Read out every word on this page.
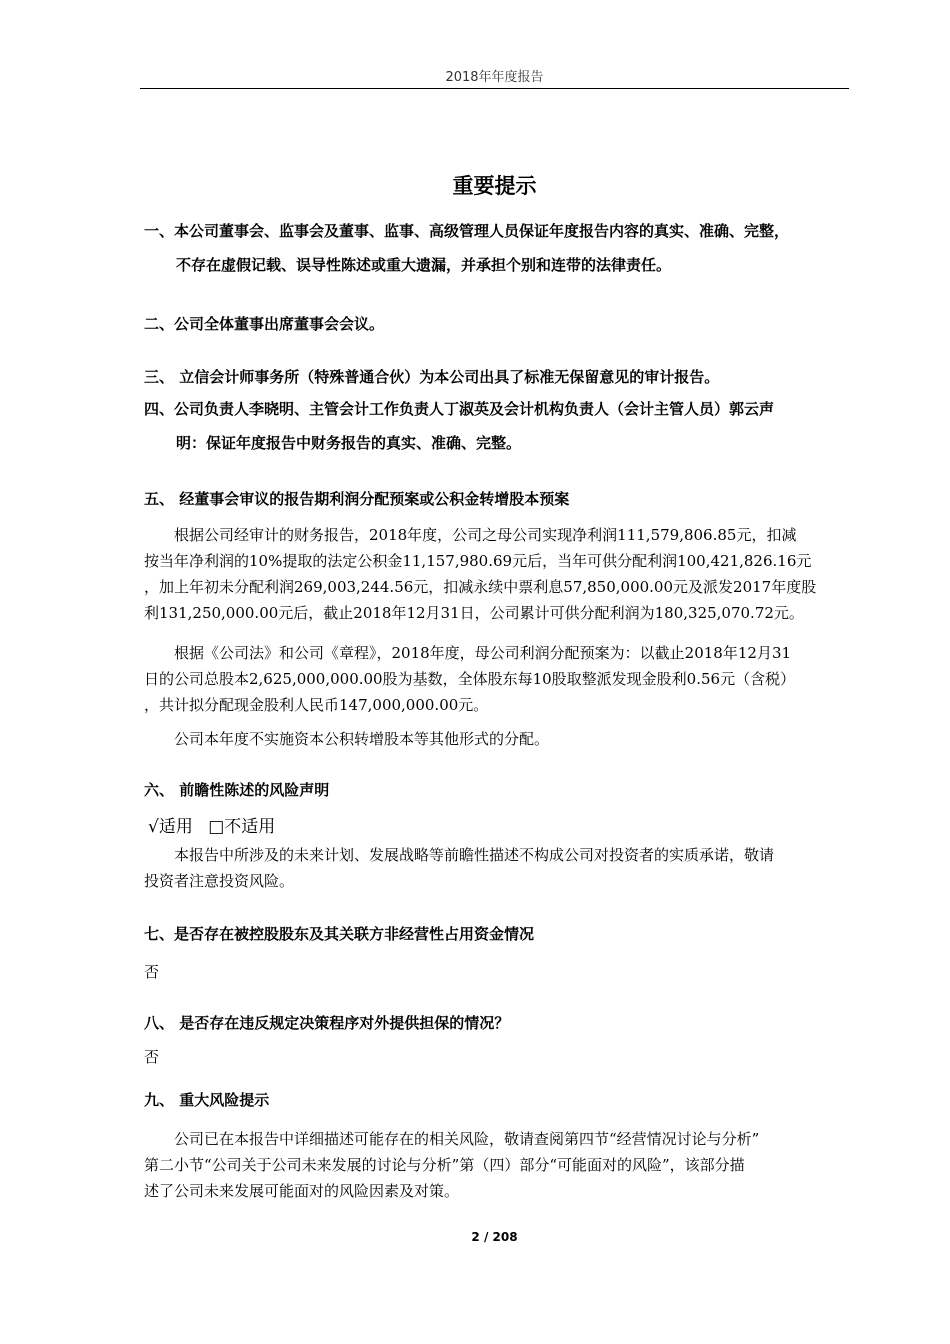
2018年年度报告
重要提示
一、本公司董事会、监事会及董事、监事、高级管理人员保证年度报告内容的真实、准确、完整，
不存在虚假记载、误导性陈述或重大遗漏，并承担个别和连带的法律责任。
二、公司全体董事出席董事会会议。
三、 立信会计师事务所（特殊普通合伙）为本公司出具了标准无保留意见的审计报告。
四、公司负责人李晓明、主管会计工作负责人丁淑英及会计机构负责人（会计主管人员）郭云声
明：保证年度报告中财务报告的真实、准确、完整。
五、 经董事会审议的报告期利润分配预案或公积金转增股本预案
根据公司经审计的财务报告，2018年度，公司之母公司实现净利润111,579,806.85元，扣减
按当年净利润的10%提取的法定公积金11,157,980.69元后，当年可供分配利润100,421,826.16元
，加上年初未分配利润269,003,244.56元，扣减永续中票利息57,850,000.00元及派发2017年度股
利131,250,000.00元后，截止2018年12月31日，公司累计可供分配利润为180,325,070.72元。
根据《公司法》和公司《章程》，2018年度，母公司利润分配预案为：以截止2018年12月31
日的公司总股本2,625,000,000.00股为基数，全体股东每10股取整派发现金股利0.56元（含税）
，共计拟分配现金股利人民币147,000,000.00元。
公司本年度不实施资本公积转增股本等其他形式的分配。
六、 前瞻性陈述的风险声明
√适用 □不适用
本报告中所涉及的未来计划、发展战略等前瞻性描述不构成公司对投资者的实质承诺，敬请
投资者注意投资风险。
七、是否存在被控股股东及其关联方非经营性占用资金情况
否
八、 是否存在违反规定决策程序对外提供担保的情况？
否
九、 重大风险提示
公司已在本报告中详细描述可能存在的相关风险，敬请查阅第四节“经营情况讨论与分析”
第二小节“公司关于公司未来发展的讨论与分析”第（四）部分“可能面对的风险”，该部分描
述了公司未来发展可能面对的风险因素及对策。
2 / 208
